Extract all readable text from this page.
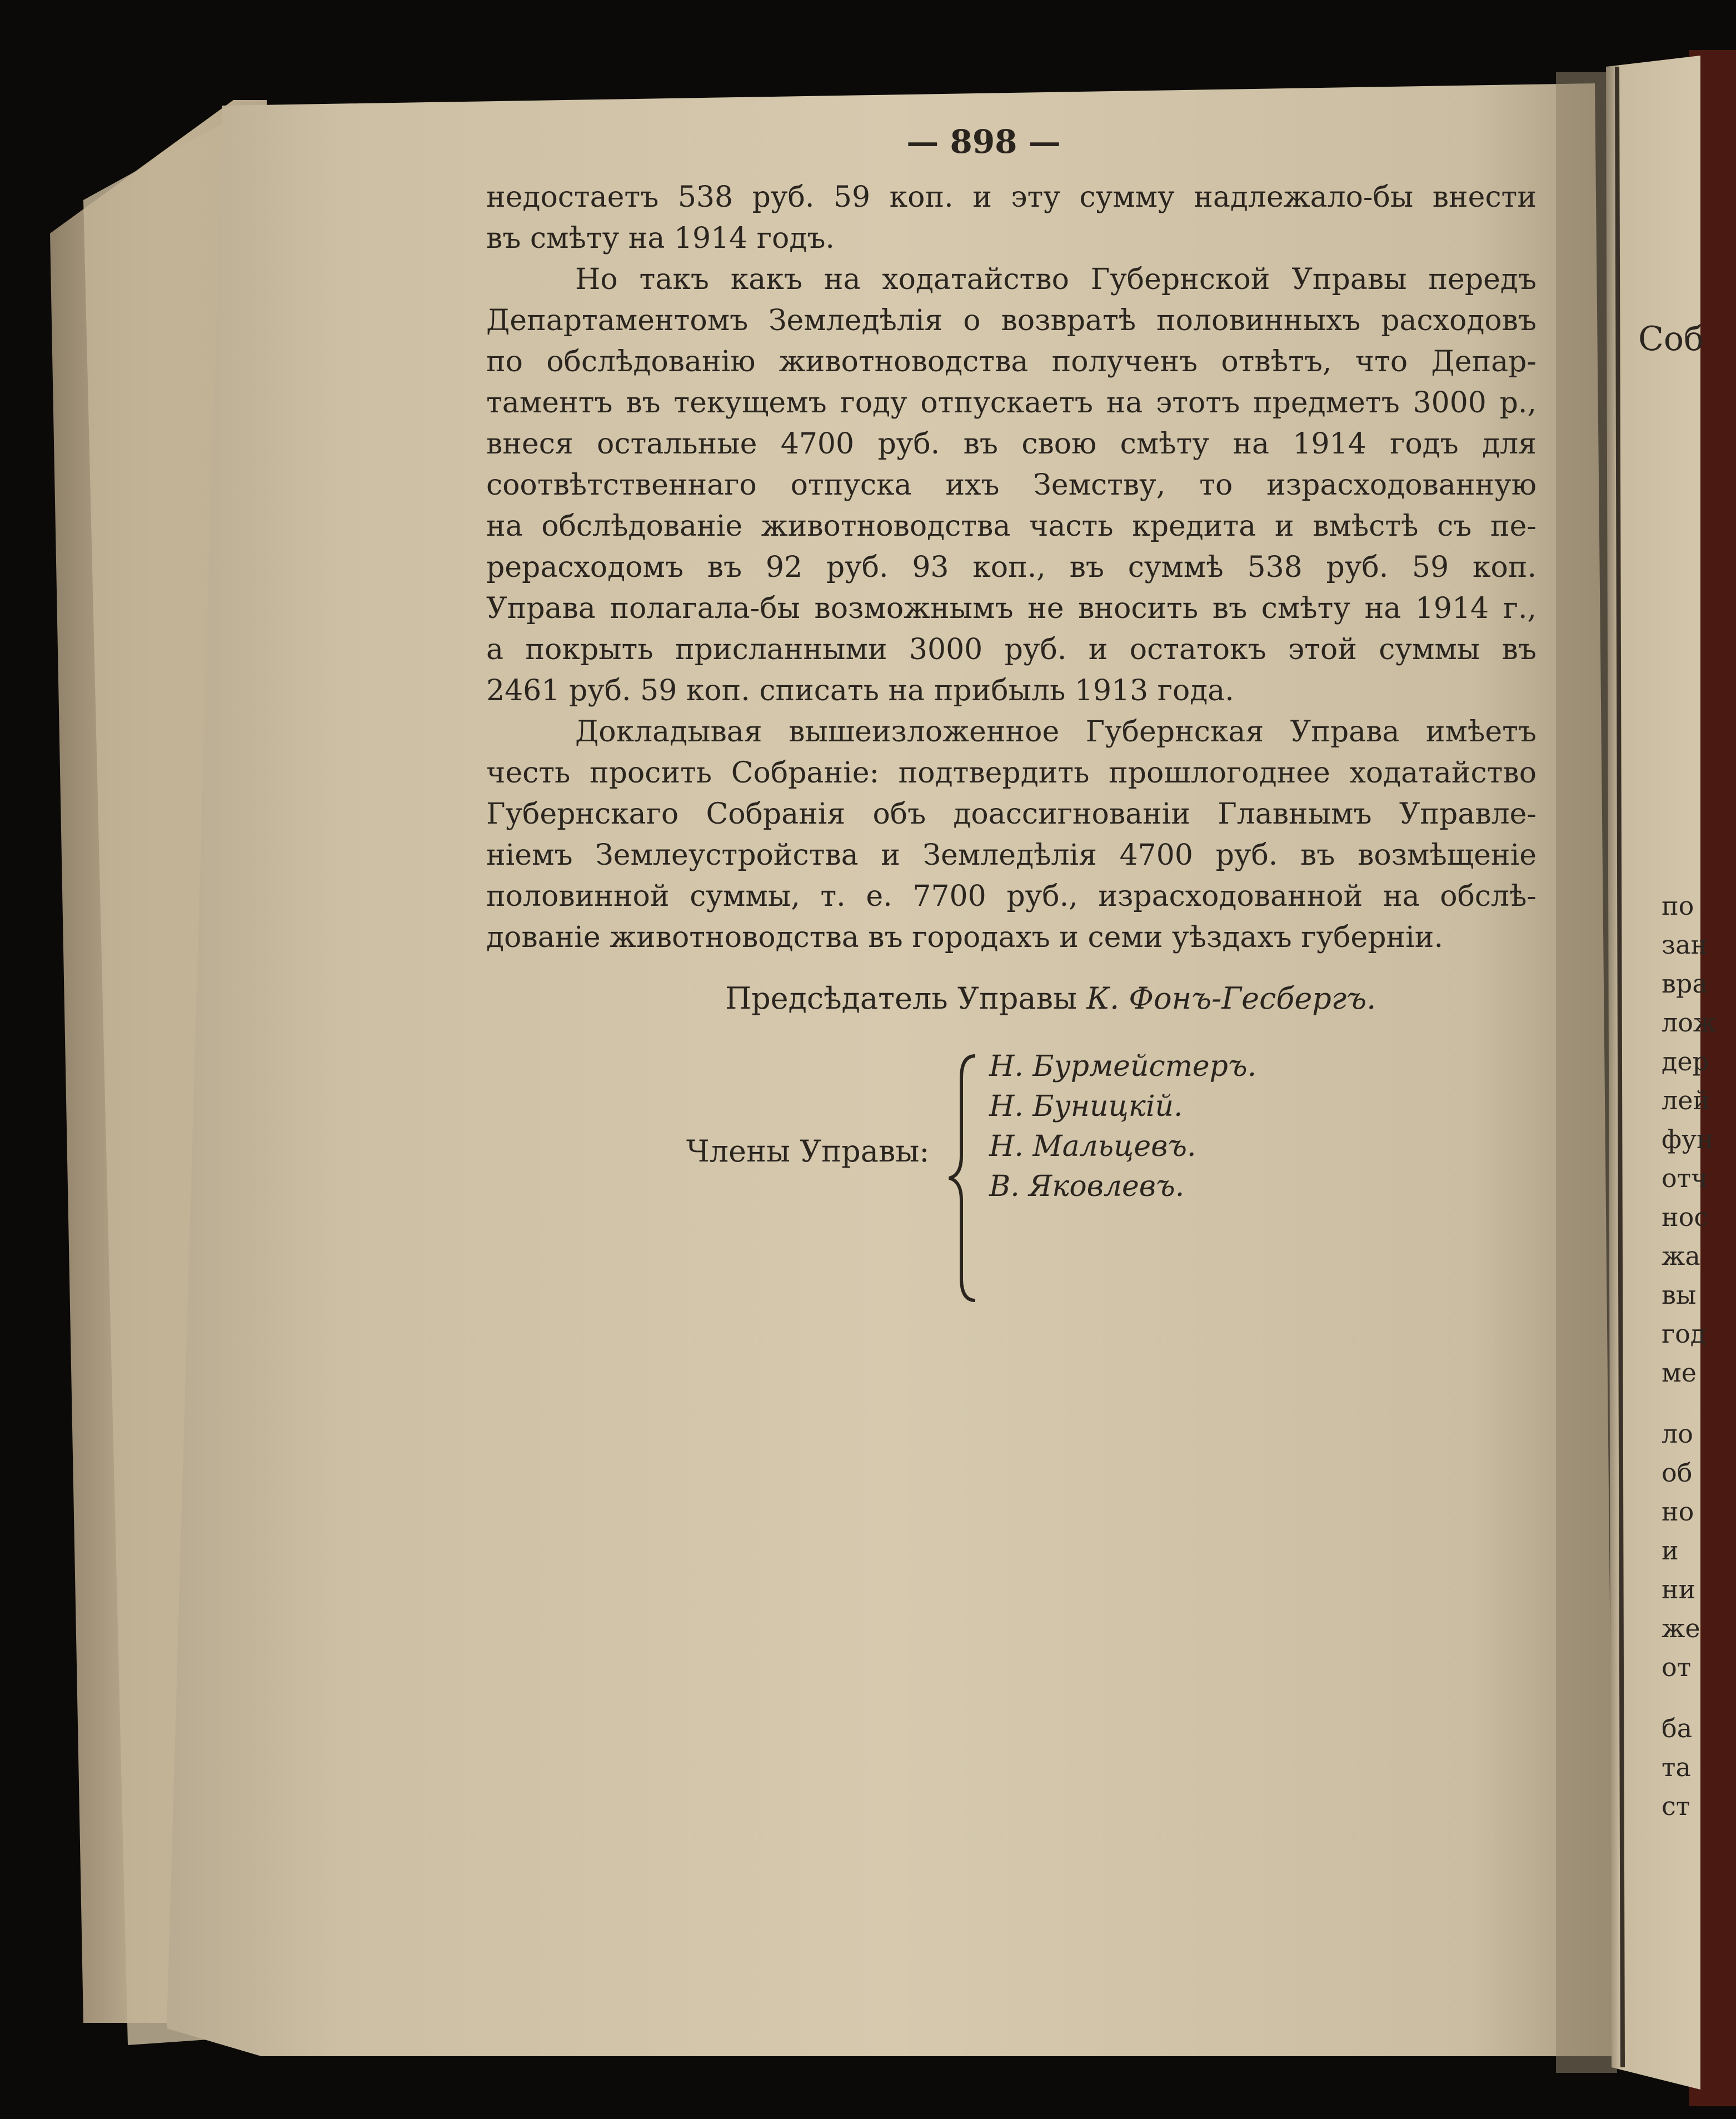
— 898 —
недостаетъ 538 руб. 59 коп. и эту сумму надлежало-бы внести
въ смѣту на 1914 годъ.
Но такъ какъ на ходатайство Губернской Управы передъ
Департаментомъ Земледѣлія о возвратѣ половинныхъ расходовъ
по обслѣдованію животноводства полученъ отвѣтъ, что Депар-
таментъ въ текущемъ году отпускаетъ на этотъ предметъ 3000 р.,
внеся остальные 4700 руб. въ свою смѣту на 1914 годъ для
соотвѣтственнаго отпуска ихъ Земству, то израсходованную
на обслѣдованіе животноводства часть кредита и вмѣстѣ съ пе-
рерасходомъ въ 92 руб. 93 коп., въ суммѣ 538 руб. 59 коп.
Управа полагала-бы возможнымъ не вносить въ смѣту на 1914 г.,
а покрыть присланными 3000 руб. и остатокъ этой суммы въ
2461 руб. 59 коп. списать на прибыль 1913 года.
Докладывая вышеизложенное Губернская Управа имѣетъ
честь просить Собраніе: подтвердить прошлогоднее ходатайство
Губернскаго Собранія объ доассигнованіи Главнымъ Управле-
ніемъ Землеустройства и Земледѣлія 4700 руб. въ возмѣщеніе
половинной суммы, т. е. 7700 руб., израсходованной на обслѣ-
дованіе животноводства въ городахъ и семи уѣздахъ губерніи.
Предсѣдатель Управы К. Фонъ-Гесбергъ.
Члены Управы:
Н. Бурмейстеръ.
Н. Буницкій.
Н. Мальцевъ.
В. Яковлевъ.
Соб
по
зан
вра
лож
дер
лей
фун
отч
нос
жа
вы
год
ме
ло
об
но
и
ни
же
от
ба
та
ст
